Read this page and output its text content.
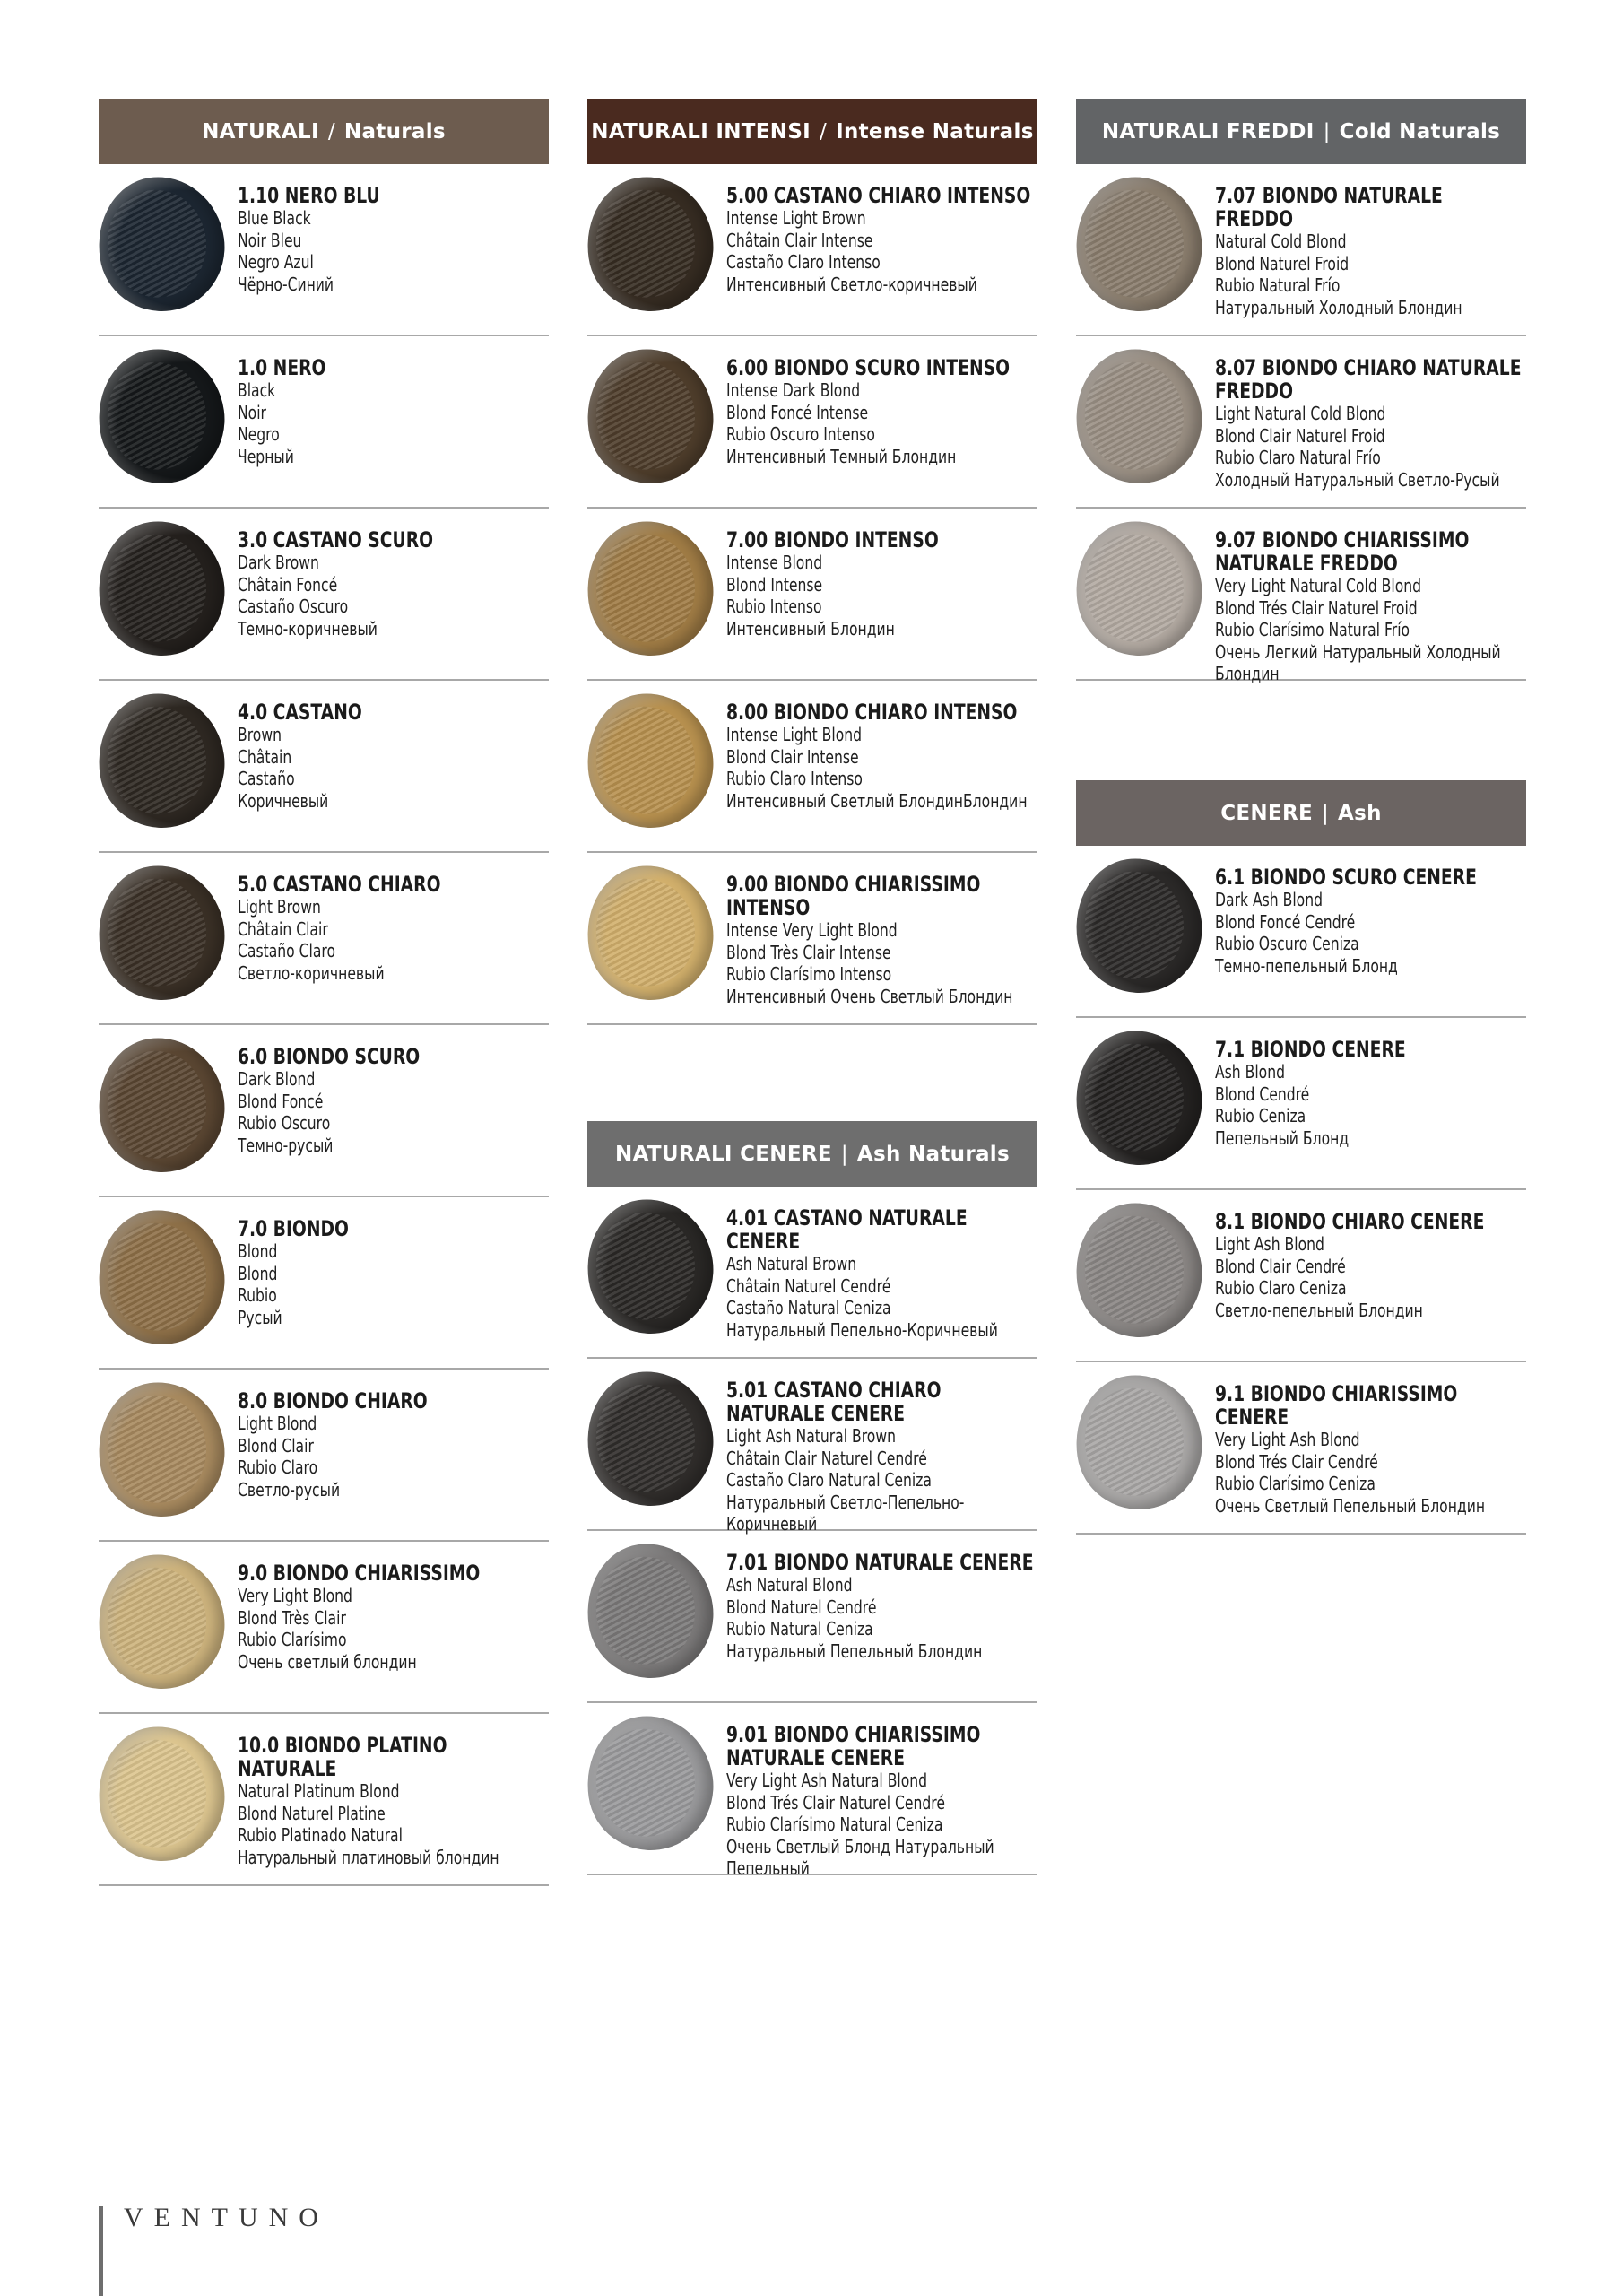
NATURALI / Naturals
1.10 NERO BLU
Blue Black
Noir Bleu
Negro Azul
Чёрно-Синий
1.0 NERO
Black
Noir
Negro
Черный
3.0 CASTANO SCURO
Dark Brown
Châtain Foncé
Castaño Oscuro
Темно-коричневый
4.0 CASTANO
Brown
Châtain
Castaño
Коричневый
5.0 CASTANO CHIARO
Light Brown
Châtain Clair
Castaño Claro
Светло-коричневый
6.0 BIONDO SCURO
Dark Blond
Blond Foncé
Rubio Oscuro
Темно-русый
7.0 BIONDO
Blond
Blond
Rubio
Русый
8.0 BIONDO CHIARO
Light Blond
Blond Clair
Rubio Claro
Светло-русый
9.0 BIONDO CHIARISSIMO
Very Light Blond
Blond Très Clair
Rubio Clarísimo
Очень светлый блондин
10.0 BIONDO PLATINO NATURALE
Natural Platinum Blond
Blond Naturel Platine
Rubio Platinado Natural
Натуральный платиновый блондин
NATURALI INTENSI / Intense Naturals
5.00 CASTANO CHIARO INTENSO
Intense Light Brown
Châtain Clair Intense
Castaño Claro Intenso
Интенсивный Светло-коричневый
6.00 BIONDO SCURO INTENSO
Intense Dark Blond
Blond Foncé Intense
Rubio Oscuro Intenso
Интенсивный Темный Блондин
7.00 BIONDO INTENSO
Intense Blond
Blond Intense
Rubio Intenso
Интенсивный Блондин
8.00 BIONDO CHIARO INTENSO
Intense Light Blond
Blond Clair Intense
Rubio Claro Intenso
Интенсивный Светлый БлондинБлондин
9.00 BIONDO CHIARISSIMO INTENSO
Intense Very Light Blond
Blond Très Clair Intense
Rubio Clarísimo Intenso
Интенсивный Очень Светлый Блондин
NATURALI CENERE | Ash Naturals
4.01 CASTANO NATURALE CENERE
Ash Natural Brown
Châtain Naturel Cendré
Castaño Natural Ceniza
Натуральный Пепельно-Коричневый
5.01 CASTANO CHIARO NATURALE CENERE
Light Ash Natural Brown
Châtain Clair Naturel Cendré
Castaño Claro Natural Ceniza
Натуральный Светло-Пепельно-Коричневый
7.01 BIONDO NATURALE CENERE
Ash Natural Blond
Blond Naturel Cendré
Rubio Natural Ceniza
Натуральный Пепельный Блондин
9.01 BIONDO CHIARISSIMO NATURALE CENERE
Very Light Ash Natural Blond
Blond Trés Clair Naturel Cendré
Rubio Clarísimo Natural Ceniza
Очень Светлый Блонд Натуральный Пепельный
NATURALI FREDDI | Cold Naturals
7.07 BIONDO NATURALE FREDDO
Natural Cold Blond
Blond Naturel Froid
Rubio Natural Frío
Натуральный Холодный Блондин
8.07 BIONDO CHIARO NATURALE FREDDO
Light Natural Cold Blond
Blond Clair Naturel Froid
Rubio Claro Natural Frío
Холодный Натуральный Светло-Русый
9.07 BIONDO CHIARISSIMO NATURALE FREDDO
Very Light Natural Cold Blond
Blond Trés Clair Naturel Froid
Rubio Clarísimo Natural Frío
Очень Легкий Натуральный Холодный Блондин
CENERE | Ash
6.1 BIONDO SCURO CENERE
Dark Ash Blond
Blond Foncé Cendré
Rubio Oscuro Ceniza
Темно-пепельный Блонд
7.1 BIONDO CENERE
Ash Blond
Blond Cendré
Rubio Ceniza
Пепельный Блонд
8.1 BIONDO CHIARO CENERE
Light Ash Blond
Blond Clair Cendré
Rubio Claro Ceniza
Светло-пепельный Блондин
9.1 BIONDO CHIARISSIMO CENERE
Very Light Ash Blond
Blond Trés Clair Cendré
Rubio Clarísimo Ceniza
Очень Светлый Пепельный Блондин
VENTUNO
